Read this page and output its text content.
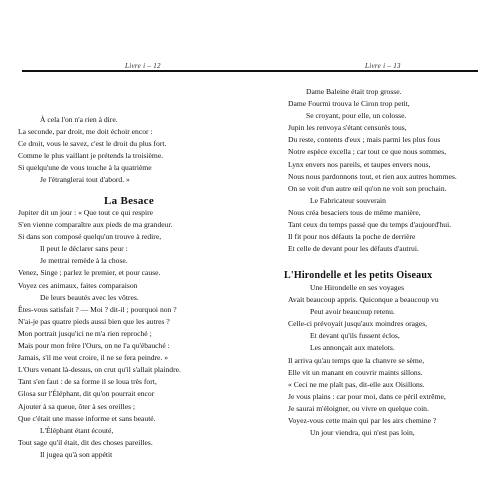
Livre i – 12
À cela l'on n'a rien à dire.
La seconde, par droit, me doit échoir encor :
Ce droit, vous le savez, c'est le droit du plus fort.
Comme le plus vaillant je prétends la troisième.
Si quelqu'une de vous touche à la quatrième
Je l'étranglerai tout d'abord. »
La Besace
Jupiter dit un jour : « Que tout ce qui respire
S'en vienne comparaître aux pieds de ma grandeur.
Si dans son composé quelqu'un trouve à redire,
Il peut le déclarer sans peur :
Je mettrai remède à la chose.
Venez, Singe ; parlez le premier, et pour cause.
Voyez ces animaux, faites comparaison
De leurs beautés avec les vôtres.
Êtes-vous satisfait ? — Moi ? dit-il ; pourquoi non ?
N'ai-je pas quatre pieds aussi bien que les autres ?
Mon portrait jusqu'ici ne m'a rien reproché ;
Mais pour mon frère l'Ours, on ne l'a qu'ébauché :
Jamais, s'il me veut croire, il ne se fera peindre. »
L'Ours venant là-dessus, on crut qu'il s'allait plaindre.
Tant s'en faut : de sa forme il se loua très fort,
Glosa sur l'Éléphant, dit qu'on pourrait encor
Ajouter à sa queue, ôter à ses oreilles ;
Que c'était une masse informe et sans beauté.
L'Éléphant étant écouté,
Tout sage qu'il était, dit des choses pareilles.
Il jugea qu'à son appétit
Livre i – 13
Dame Baleine était trop grosse.
Dame Fourmi trouva le Ciron trop petit,
Se croyant, pour elle, un colosse.
Jupin les renvoya s'étant censurés tous,
Du reste, contents d'eux ; mais parmi les plus fous
Notre espèce excella ; car tout ce que nous sommes,
Lynx envers nos pareils, et taupes envers nous,
Nous nous pardonnons tout, et rien aux autres hommes.
On se voit d'un autre œil qu'on ne voit son prochain.
Le Fabricateur souverain
Nous créa besaciers tous de même manière,
Tant ceux du temps passé que du temps d'aujourd'hui.
Il fit pour nos défauts la poche de derrière
Et celle de devant pour les défauts d'autrui.
L'Hirondelle et les petits Oiseaux
Une Hirondelle en ses voyages
Avait beaucoup appris. Quiconque a beaucoup vu
Peut avoir beaucoup retenu.
Celle-ci prévoyait jusqu'aux moindres orages,
Et devant qu'ils fussent éclos,
Les annonçait aux matelots.
Il arriva qu'au temps que la chanvre se sème,
Elle vit un manant en couvrir maints sillons.
« Ceci ne me plaît pas, dit-elle aux Oisillons.
Je vous plains : car pour moi, dans ce péril extrême,
Je saurai m'éloigner, ou vivre en quelque coin.
Voyez-vous cette main qui par les airs chemine ?
Un jour viendra, qui n'est pas loin,
